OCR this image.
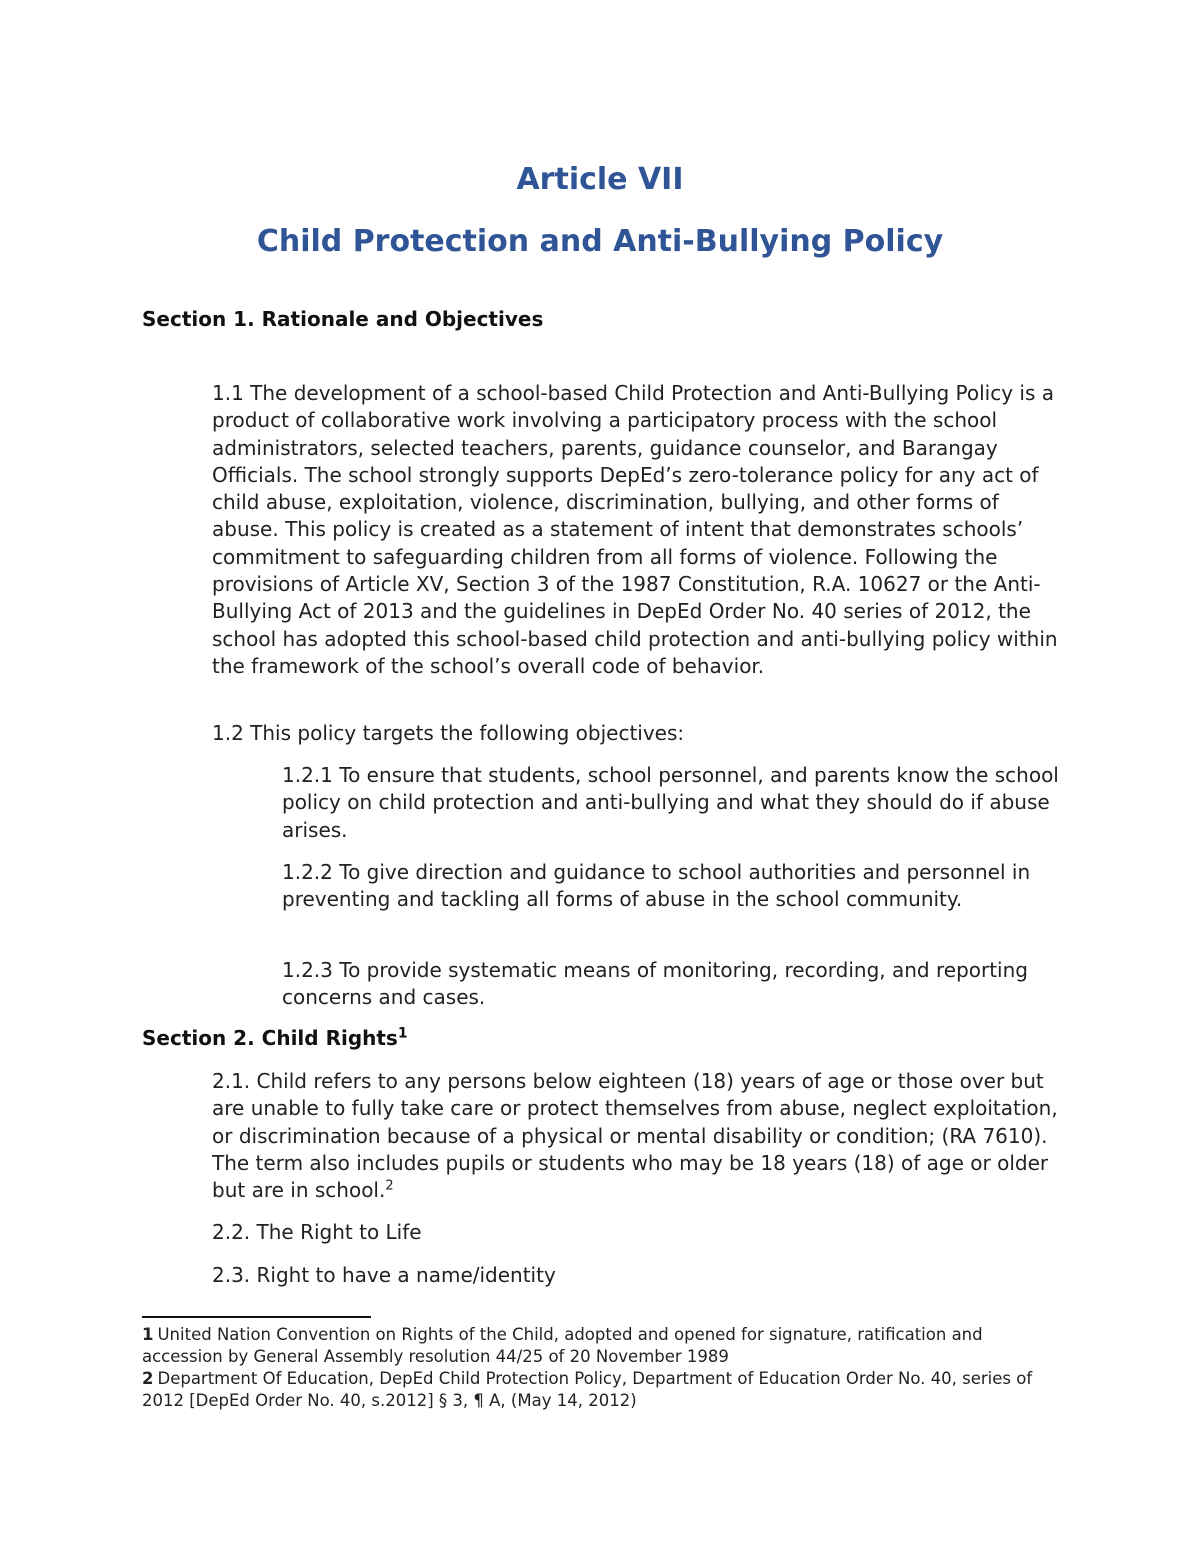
Article VII
Child Protection and Anti-Bullying Policy
Section 1. Rationale and Objectives

1.1 The development of a school-based Child Protection and Anti-Bullying Policy is a product of collaborative work involving a participatory process with the school administrators, selected teachers, parents, guidance counselor, and Barangay Officials. The school strongly supports DepEd’s zero-tolerance policy for any act of child abuse, exploitation, violence, discrimination, bullying, and other forms of abuse. This policy is created as a statement of intent that demonstrates schools’ commitment to safeguarding children from all forms of violence. Following the provisions of Article XV, Section 3 of the 1987 Constitution, R.A. 10627 or the Anti-Bullying Act of 2013 and the guidelines in DepEd Order No. 40 series of 2012, the school has adopted this school-based child protection and anti-bullying policy within the framework of the school’s overall code of behavior.

1.2 This policy targets the following objectives:

1.2.1 To ensure that students, school personnel, and parents know the school policy on child protection and anti-bullying and what they should do if abuse arises.

1.2.2 To give direction and guidance to school authorities and personnel in preventing and tackling all forms of abuse in the school community.

1.2.3 To provide systematic means of monitoring, recording, and reporting concerns and cases.

Section 2. Child Rights$^1$

2.1. Child refers to any persons below eighteen (18) years of age or those over but are unable to fully take care or protect themselves from abuse, neglect exploitation, or discrimination because of a physical or mental disability or condition; (RA 7610). The term also includes pupils or students who may be 18 years (18) of age or older but are in school.$^2$

2.2. The Right to Life

2.3. Right to have a name/identity

1 United Nation Convention on Rights of the Child, adopted and opened for signature, ratification and accession by General Assembly resolution 44/25 of 20 November 1989

2 Department Of Education, DepEd Child Protection Policy, Department of Education Order No. 40, series of 2012 [DepEd Order No. 40, s.2012] § 3, ¶ A, (May 14, 2012)
